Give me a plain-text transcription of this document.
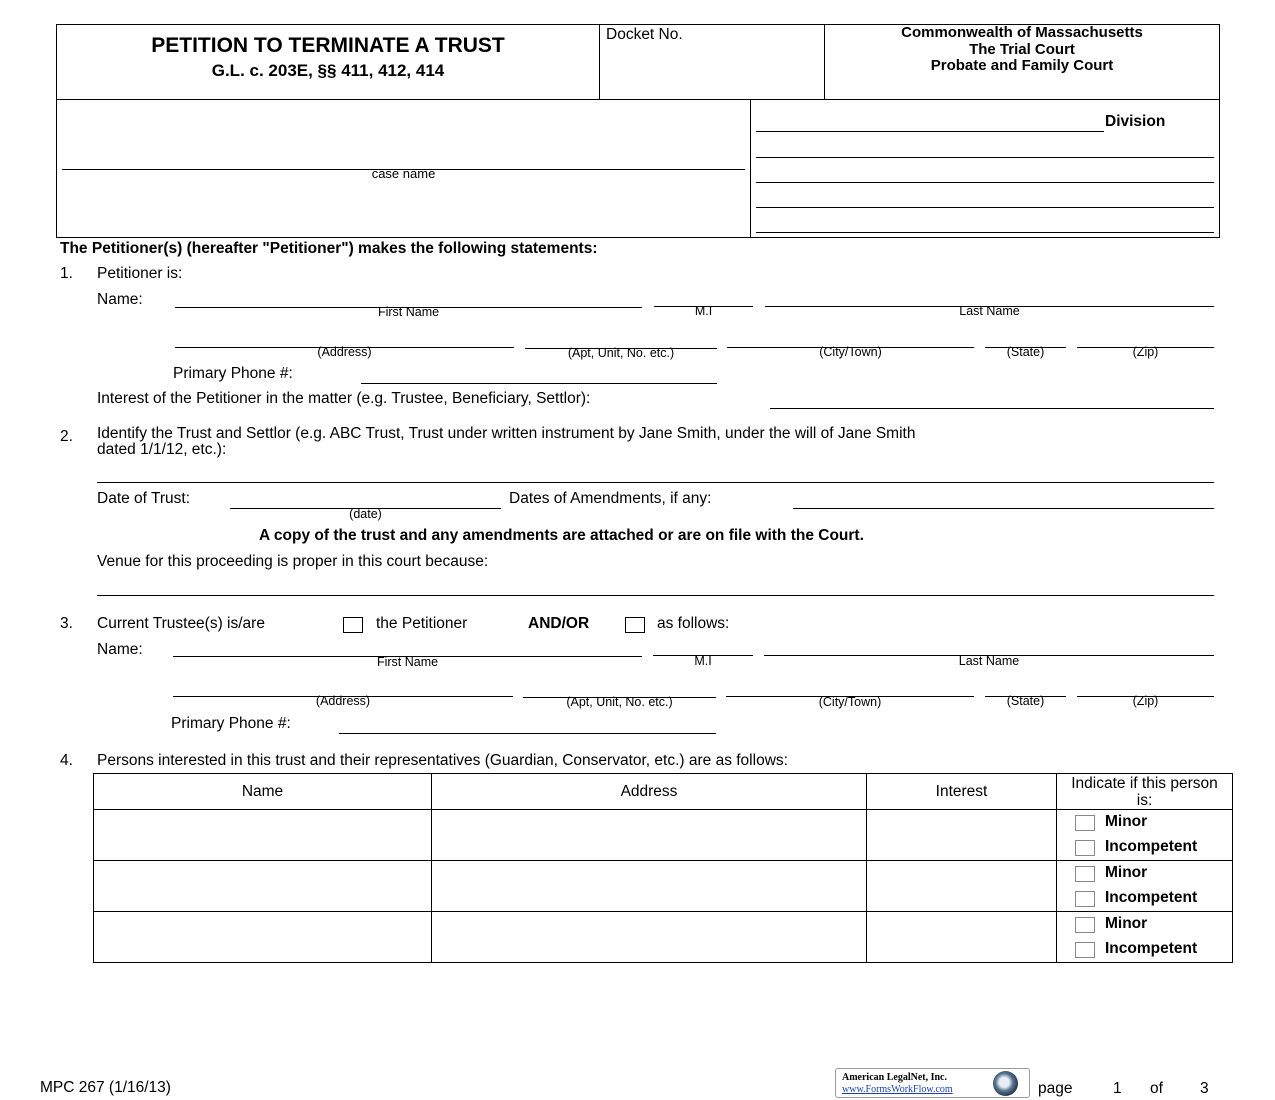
PETITION TO TERMINATE A TRUST
G.L. c. 203E, §§ 411, 412, 414
Docket No.	Commonwealth of Massachusetts
The Trial Court
Probate and Family Court
case name
Division
The Petitioner(s) (hereafter "Petitioner") makes the following statements:
1. Petitioner is:
Name:
First Name	M.I	Last Name
(Address)	(Apt, Unit, No. etc.)	(City/Town)	(State)	(Zip)
Primary Phone #:
Interest of the Petitioner in the matter (e.g. Trustee, Beneficiary, Settlor):
2. Identify the Trust and Settlor (e.g. ABC Trust, Trust under written instrument by Jane Smith, under the will of Jane Smith
dated 1/1/12, etc.):
Date of Trust:
(date)
Dates of Amendments, if any:
A copy of the trust and any amendments are attached or are on file with the Court.
Venue for this proceeding is proper in this court because:
3. Current Trustee(s) is/are	the Petitioner	AND/OR	as follows:
Name:
First Name	M.I	Last Name
(Address)	(Apt, Unit, No. etc.)	(City/Town)	(State)	(Zip)
Primary Phone #:
4. Persons interested in this trust and their representatives (Guardian, Conservator, etc.) are as follows:
Name	Address	Interest	Indicate if this person is:

			Minor
Incompetent

			Minor
Incompetent

			Minor
Incompetent
MPC 267 (1/16/13)
American LegalNet, Inc.
www.FormsWorkFlow.com	page	1 of 3
